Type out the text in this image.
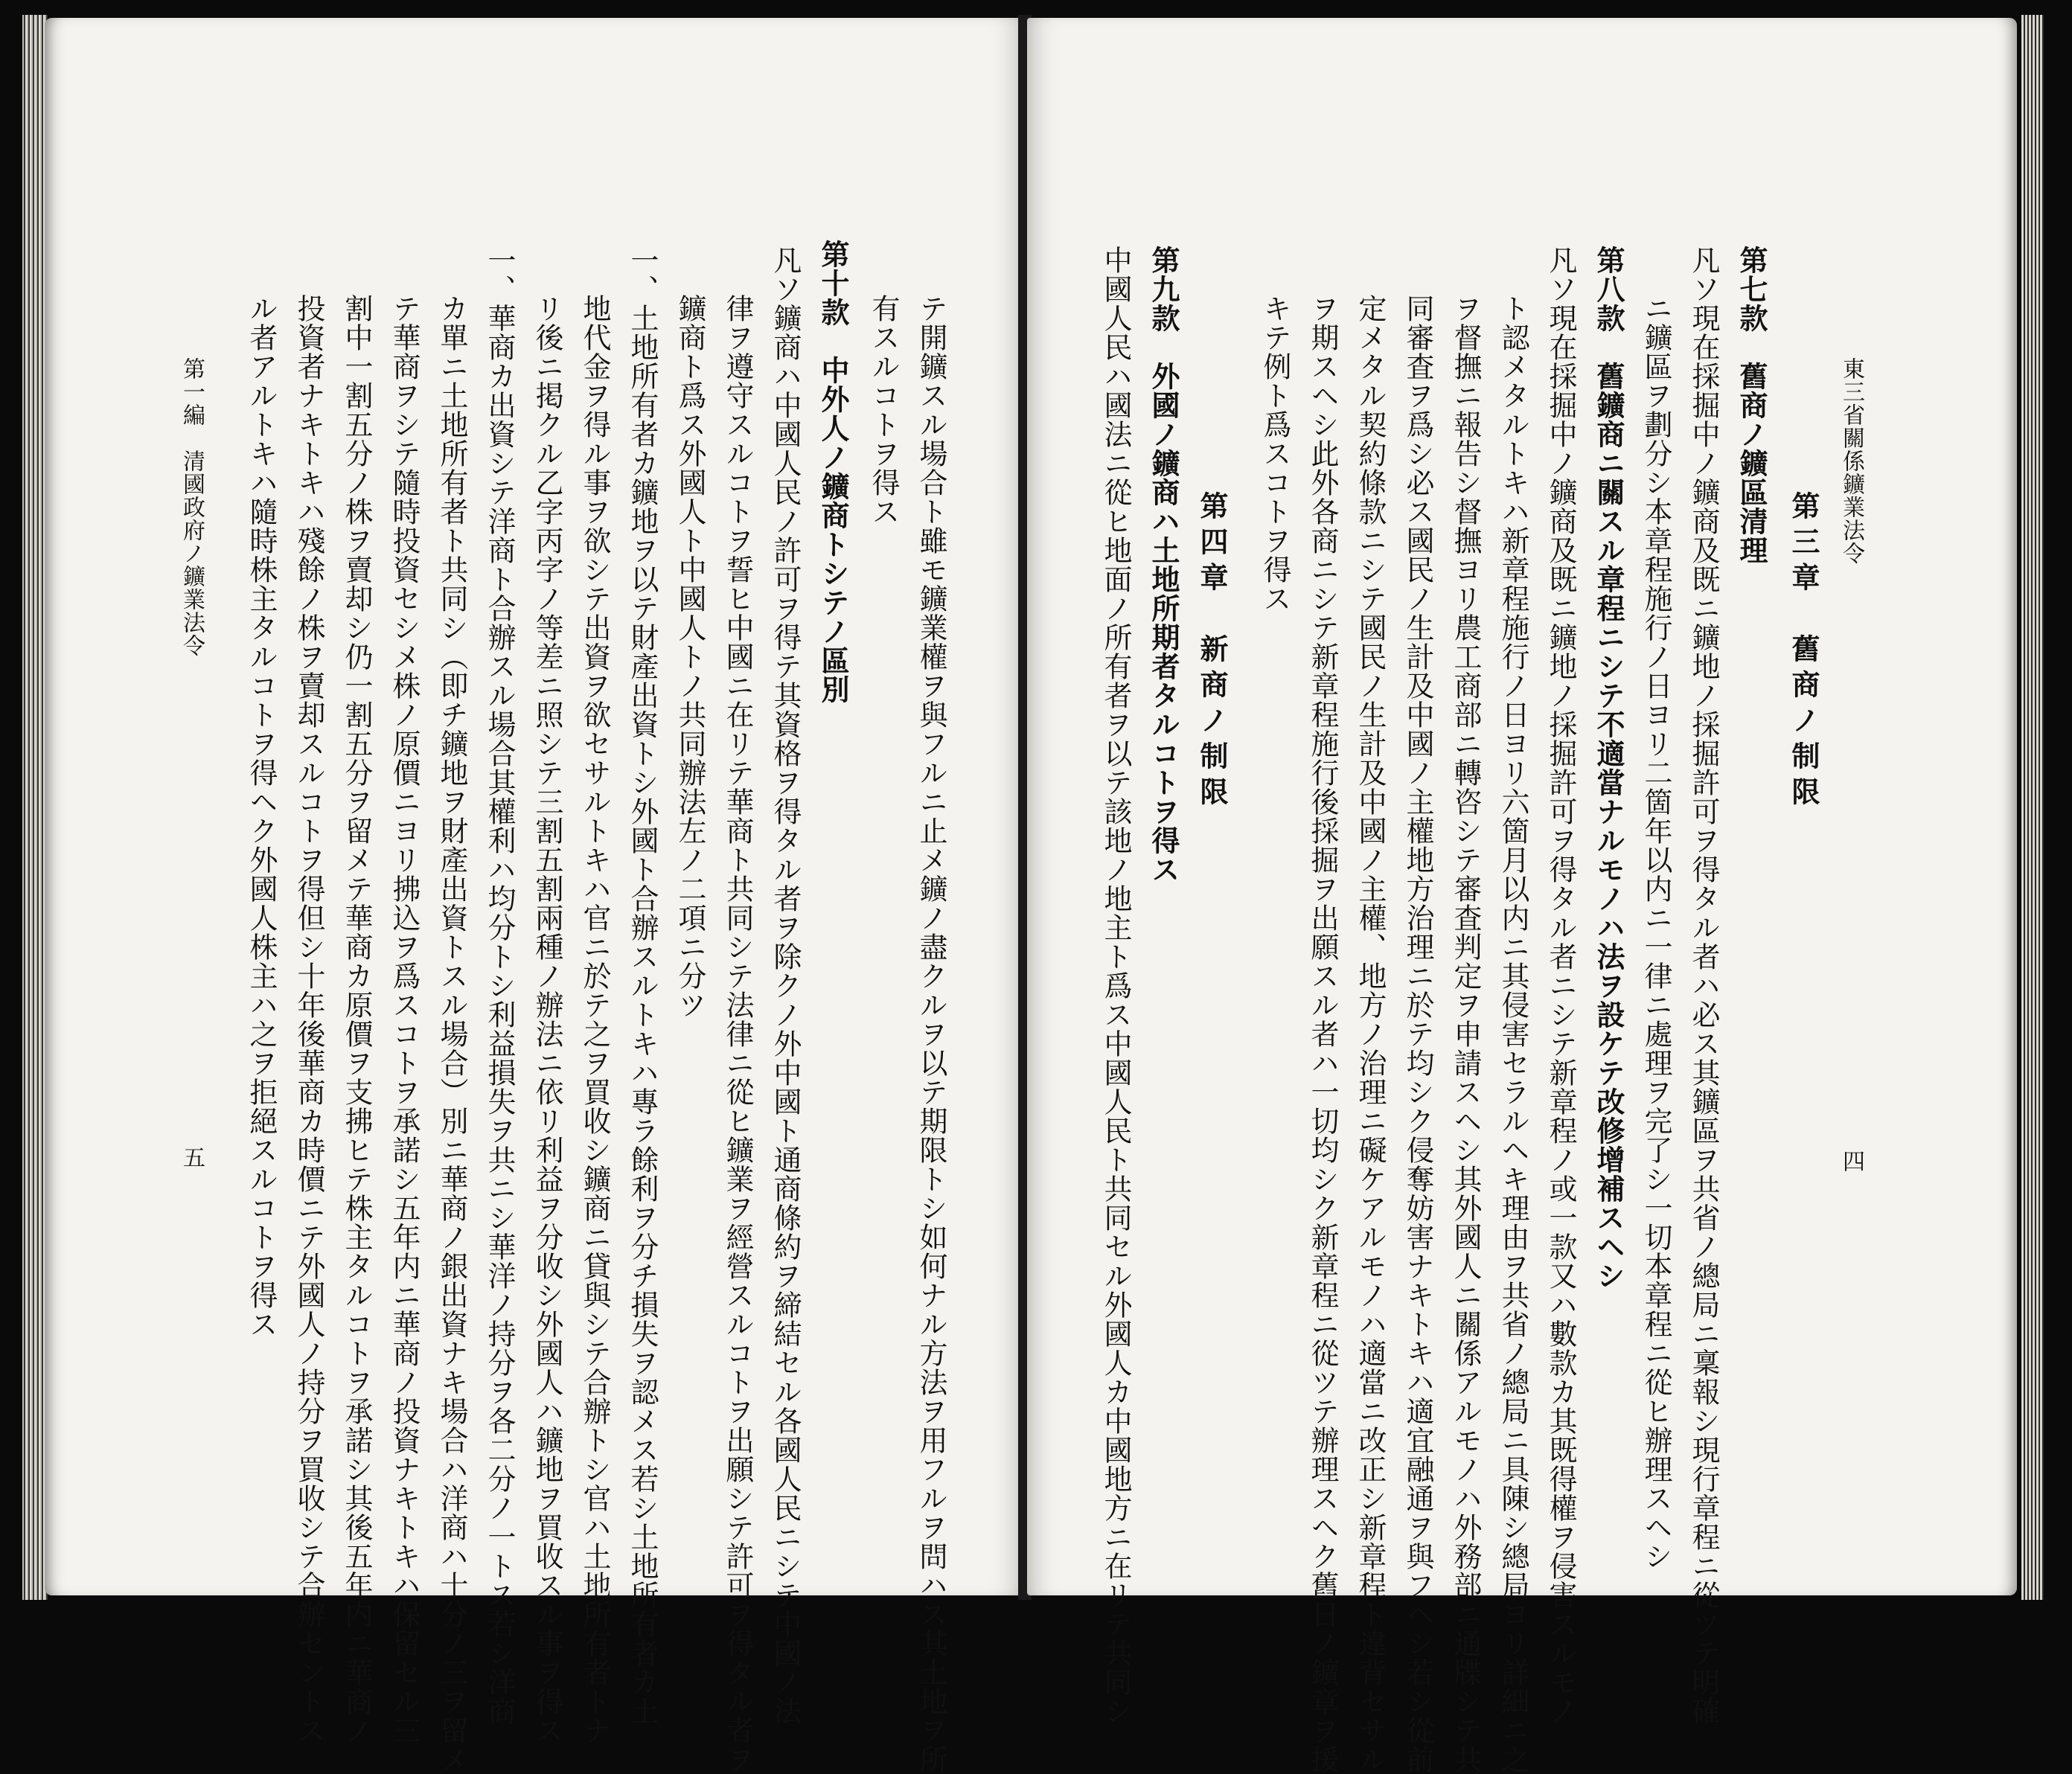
テ開鑛スル場合ト雖モ鑛業權ヲ與フルニ止メ鑛ノ盡クルヲ以テ期限トシ如何ナル方法ヲ用フルヲ問ハス其土地ヲ所
有スルコトヲ得ス
第十款　中外人ノ鑛商トシテノ區別
凡ソ鑛商ハ中國人民ノ許可ヲ得テ其資格ヲ得タル者ヲ除クノ外中國ト通商條約ヲ締結セル各國人民ニシテ中國ノ法
律ヲ遵守スルコトヲ誓ヒ中國ニ在リテ華商ト共同シテ法律ニ從ヒ鑛業ヲ經營スルコトヲ出願シテ許可ヲ得タル者ヲ
鑛商ト爲ス外國人ト中國人トノ共同辦法左ノ二項ニ分ツ
一、土地所有者カ鑛地ヲ以テ財產出資トシ外國ト合辦スルトキハ專ラ餘利ヲ分チ損失ヲ認メス若シ土地所有者カ土
地代金ヲ得ル事ヲ欲シテ出資ヲ欲セサルトキハ官ニ於テ之ヲ買收シ鑛商ニ貸與シテ合辦トシ官ハ土地所有者トナ
リ後ニ掲クル乙字丙字ノ等差ニ照シテ三割五割兩種ノ辦法ニ依リ利益ヲ分收シ外國人ハ鑛地ヲ買收スル事ヲ得ス
一、華商カ出資シテ洋商ト合辦スル場合其權利ハ均分トシ利益損失ヲ共ニシ華洋ノ持分ヲ各二分ノ一トス若シ洋商
カ單ニ土地所有者ト共同シ（即チ鑛地ヲ財產出資トスル場合）別ニ華商ノ銀出資ナキ場合ハ洋商ハ十分ノ三ヲ留メ
テ華商ヲシテ隨時投資セシメ株ノ原價ニヨリ拂込ヲ爲スコトヲ承諾シ五年内ニ華商ノ投資ナキトキハ保留セル三
割中一割五分ノ株ヲ賣却シ仍一割五分ヲ留メテ華商カ原價ヲ支拂ヒテ株主タルコトヲ承諾シ其後五年内ニ華商ノ
投資者ナキトキハ殘餘ノ株ヲ賣却スルコトヲ得但シ十年後華商カ時價ニテ外國人ノ持分ヲ買收シテ合辦セントス
ル者アルトキハ隨時株主タルコトヲ得ヘク外國人株主ハ之ヲ拒絕スルコトヲ得ス
第一編　清國政府ノ鑛業法令
五
東三省關係鑛業法令
四
第三章　舊商ノ制限
第七款　舊商ノ鑛區清理
凡ソ現在採掘中ノ鑛商及既ニ鑛地ノ採掘許可ヲ得タル者ハ必ス其鑛區ヲ共省ノ總局ニ稟報シ現行章程ニ從ツテ明確
ニ鑛區ヲ劃分シ本章程施行ノ日ヨリ二箇年以内ニ一律ニ處理ヲ完了シ一切本章程ニ從ヒ辦理スヘシ
第八款　舊鑛商ニ關スル章程ニシテ不適當ナルモノハ法ヲ設ケテ改修增補スヘシ
凡ソ現在採掘中ノ鑛商及既ニ鑛地ノ採掘許可ヲ得タル者ニシテ新章程ノ或一款又ハ數款カ其既得權ヲ侵害スルモノ
ト認メタルトキハ新章程施行ノ日ヨリ六箇月以内ニ其侵害セラルヘキ理由ヲ共省ノ總局ニ具陳シ總局ヨリ詳細ニ之
ヲ督撫ニ報告シ督撫ヨリ農工商部ニ轉咨シテ審査判定ヲ申請スヘシ其外國人ニ關係アルモノハ外務部ニ通牒シテ共
同審査ヲ爲シ必ス國民ノ生計及中國ノ主權地方治理ニ於テ均シク侵奪妨害ナキトキハ適宜融通ヲ與フヘシ若シ從前
定メタル契約條款ニシテ國民ノ生計及中國ノ主權、地方ノ治理ニ礙ケアルモノハ適當ニ改正シ新章程ト違背セサル
ヲ期スヘシ此外各商ニシテ新章程施行後採掘ヲ出願スル者ハ一切均シク新章程ニ從ツテ辦理スヘク舊日ノ鑛章ヲ援
キテ例ト爲スコトヲ得ス
第四章　新商ノ制限
第九款　外國ノ鑛商ハ土地所期者タルコトヲ得ス
中國人民ハ國法ニ從ヒ地面ノ所有者ヲ以テ該地ノ地主ト爲ス中國人民ト共同セル外國人カ中國地方ニ在リテ共同シ
